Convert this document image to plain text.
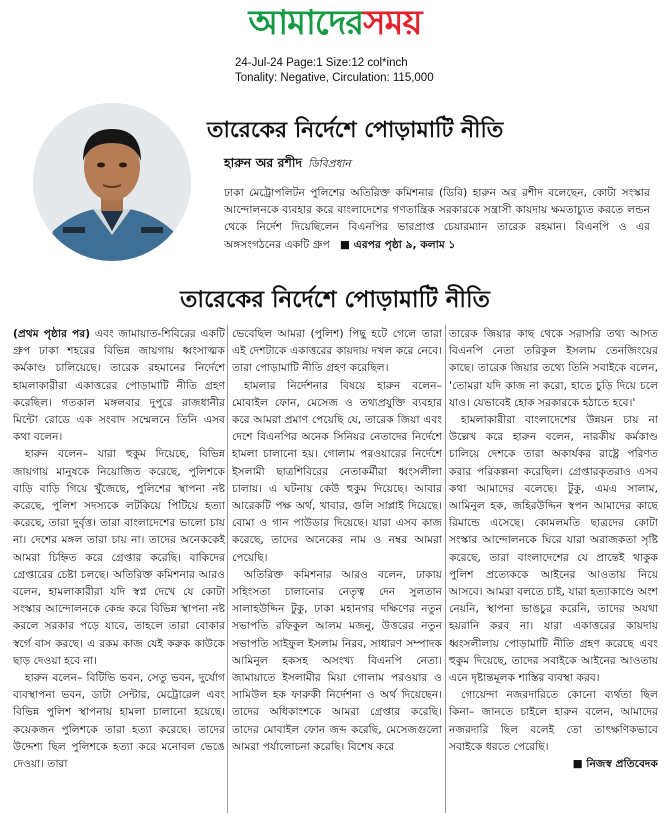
আমাদেরসময়
24-Jul-24 Page:1 Size:12 col*inch
Tonality: Negative, Circulation: 115,000
তারেকের নির্দেশে পোড়ামাটি নীতি
হারুন অর রশীদ ডিবিপ্রধান
ঢাকা মেট্রোপলিটন পুলিশের অতিরিক্ত কমিশনার (ডিবি) হারুন অর রশীদ বলেছেন, কোটা সংস্কার আন্দোলনকে ব্যবহার করে বাংলাদেশের গণতান্ত্রিক সরকারকে সন্ত্রাসী কায়দায় ক্ষমতাচ্যুত করতে লন্ডন থেকে নির্দেশ দিয়েছিলেন বিএনপির ভারপ্রাপ্ত চেয়ারম্যান তারেক রহমান। বিএনপি ও এর অঙ্গসংগঠনের একটি গ্রুপ ■ এরপর পৃষ্ঠা ৯, কলাম ১
তারেকের নির্দেশে পোড়ামাটি নীতি

(প্রথম পৃষ্ঠার পর) এবং জামায়াত-শিবিরের একটি গ্রুপ ঢাকা শহরের বিভিন্ন জায়গায় ধ্বংসাত্মক কর্মকাণ্ড চালিয়েছে। তারেক রহমানের নির্দেশে হামলাকারীরা একাত্তরের পোড়ামাটি নীতি গ্রহণ করেছিল। গতকাল মঙ্গলবার দুপুরে রাজধানীর মিন্টো রোডে এক সংবাদ সম্মেলনে তিনি এসব কথা বলেন।

হারুন বলেন– যারা হুকুম দিয়েছে, বিভিন্ন জায়গায় মানুষকে নিয়োজিত করেছে, পুলিশকে বাড়ি বাড়ি গিয়ে খুঁজেছে, পুলিশের স্থাপনা নষ্ট করেছে, পুলিশ সদস্যকে লটকিয়ে পিটিয়ে হত্যা করেছে, তারা দুর্বৃত্ত। তারা বাংলাদেশের ভালো চায় না। দেশের মঙ্গল তারা চায় না। তাদের অনেককেই আমরা চিহ্নিত করে গ্রেপ্তার করেছি। বাকিদের গ্রেপ্তারের চেষ্টা চলছে। অতিরিক্ত কমিশনার আরও বলেন, হামলাকারীরা যদি স্বপ্ন দেখে যে কোটা সংস্কার আন্দোলনকে কেন্দ্র করে বিভিন্ন স্থাপনা নষ্ট করলে সরকার পড়ে যাবে, তাহলে তারা বোকার স্বর্গে বাস করছে। এ রকম কাজ যেই করুক কাউকে ছাড় দেওয়া হবে না।

হারুন বলেন– বিটিভি ভবন, সেতু ভবন, দুর্যোগ ব্যবস্থাপনা ভবন, ডাটা সেন্টার, মেট্রোরেল এবং বিভিন্ন পুলিশ স্থাপনায় হামলা চালানো হয়েছে। কয়েকজন পুলিশকে তারা হত্যা করেছে। তাদের উদ্দেশ্য ছিল পুলিশকে হত্যা করে মনোবল ভেঙে দেওয়া। তারা

ভেবেছিল আমরা (পুলিশ) পিছু হটে গেলে তারা এই দেশটাকে একাত্তরের কায়দায় দখল করে নেবে। তারা পোড়ামাটি নীতি গ্রহণ করেছিল।

হামলার নির্দেশনার বিষয়ে হারুন বলেন– মোবাইল ফোন, মেসেজ ও তথ্যপ্রযুক্তি ব্যবহার করে আমরা প্রমাণ পেয়েছি যে, তারেক জিয়া এবং দেশে বিএনপির অনেক সিনিয়র নেতাদের নির্দেশে হামলা চালানো হয়। গোলাম পরওয়ারের নির্দেশে ইসলামী ছাত্রশিবিরের নেতাকর্মীরা ধ্বংসলীলা চালায়। এ ঘটনায় কেউ হুকুম দিয়েছে। আবার আরেকটি পক্ষ অর্থ, খাবার, গুলি সাপ্লাই দিয়েছে। বোমা ও গান পাউডার দিয়েছে। যারা এসব কাজ করেছে, তাদের অনেকের নাম ও নম্বর আমরা পেয়েছি।

অতিরিক্ত কমিশনার আরও বলেন, ঢাকায় সহিংসতা চালানোর নেতৃত্ব দেন সুলতান সালাহউদ্দিন টুকু, ঢাকা মহানগর দক্ষিণের নতুন সভাপতি রফিকুল আলম মজনু, উত্তরের নতুন সভাপতি সাইফুল ইসলাম নিরব, সাধারণ সম্পাদক আমিনুল হকসহ অসংখ্য বিএনপি নেতা। জামায়াতে ইসলামীর মিয়া গোলাম পরওয়ার ও সামিউল হক ফারুকী নির্দেশনা ও অর্থ দিয়েছেন। তাদের অধিকাংশকে আমরা গ্রেপ্তার করেছি। তাদের মোবাইল ফোন জব্দ করেছি, মেসেজগুলো আমরা পর্যালোচনা করেছি। বিশেষ করে

তারেক জিয়ার কাছ থেকে সরাসরি তথ্য আসত বিএনপি নেতা তরিকুল ইসলাম তেনজিংয়ের কাছে। তারেক জিয়ার তথ্যে তিনি সবাইকে বলেন, 'তোমরা যদি কাজ না করো, হাতে চুড়ি দিয়ে চলে যাও। যেভাবেই হোক সরকারকে হঠাতে হবে।'

হামলাকারীরা বাংলাদেশের উন্নয়ন চায় না উল্লেখ করে হারুন বলেন, নারকীয় কর্মকাণ্ড চালিয়ে দেশকে তারা অকার্যকর রাষ্ট্রে পরিণত করার পরিকল্পনা করেছিল। গ্রেপ্তারকৃতরাও এসব কথা আমাদের বলেছে। টুকু, এমএ সালাম, আমিনুল হক, জহিরউদ্দিন স্বপন আমাদের কাছে রিমান্ডে এসেছে। কোমলমতি ছাত্রদের কোটা সংস্কার আন্দোলনকে ঘিরে যারা অরাজকতা সৃষ্টি করেছে, তারা বাংলাদেশের যে প্রান্তেই থাকুক পুলিশ প্রত্যেককে আইনের আওতায় নিয়ে আসবে। আমরা বলতে চাই, যারা হত্যাকাণ্ডে অংশ নেয়নি, স্থাপনা ভাঙচুর করেনি, তাদের অযথা হয়রানি করব না। যারা একাত্তরের কায়দায় ধ্বংসলীলায় পোড়ামাটি নীতি গ্রহণ করেছে এবং হুকুম দিয়েছে, তাদের সবাইকে আইনের আওতায় এনে দৃষ্টান্তমূলক শাস্তির ব্যবস্থা করব।

গোয়েন্দা নজরদারিতে কোনো ব্যর্থতা ছিল কিনা– জানতে চাইলে হারুন বলেন, আমাদের নজরদারি ছিল বলেই তো তাৎক্ষণিকভাবে সবাইকে ধরতে পেরেছি।

■ নিজস্ব প্রতিবেদক
